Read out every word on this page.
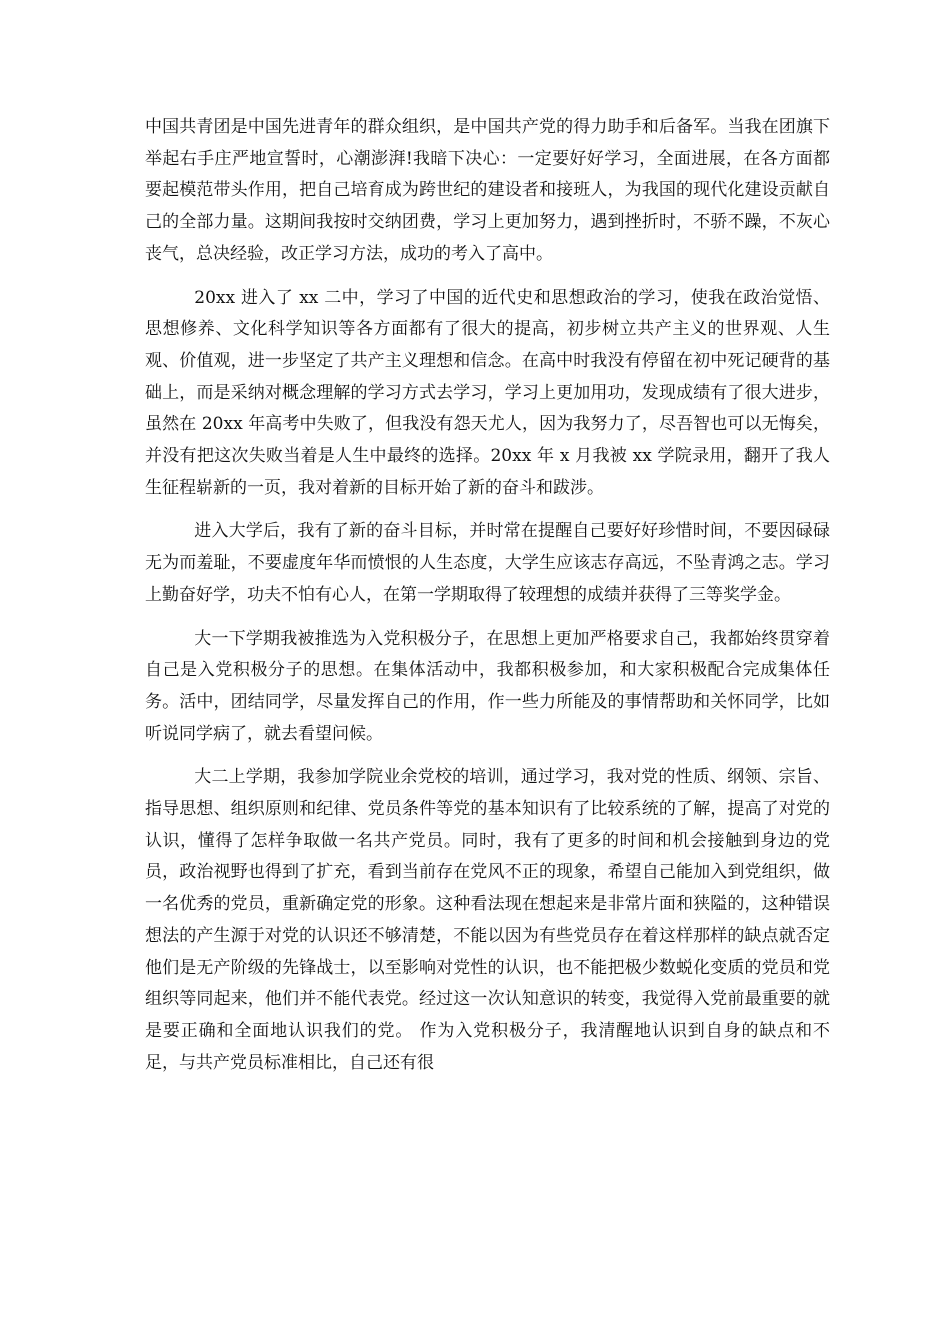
中国共青团是中国先进青年的群众组织，是中国共产党的得力助手和后备军。当我在团旗下举起右手庄严地宣誓时，心潮澎湃!我暗下决心：一定要好好学习，全面进展，在各方面都要起模范带头作用，把自己培育成为跨世纪的建设者和接班人，为我国的现代化建设贡献自己的全部力量。这期间我按时交纳团费，学习上更加努力，遇到挫折时，不骄不躁，不灰心丧气，总决经验，改正学习方法，成功的考入了高中。

20xx 进入了 xx 二中，学习了中国的近代史和思想政治的学习，使我在政治觉悟、思想修养、文化科学知识等各方面都有了很大的提高，初步树立共产主义的世界观、人生观、价值观，进一步坚定了共产主义理想和信念。在高中时我没有停留在初中死记硬背的基础上，而是采纳对概念理解的学习方式去学习，学习上更加用功，发现成绩有了很大进步，虽然在 20xx 年高考中失败了，但我没有怨天尤人，因为我努力了，尽吾智也可以无悔矣，并没有把这次失败当着是人生中最终的选择。20xx 年 x 月我被 xx 学院录用，翻开了我人生征程崭新的一页，我对着新的目标开始了新的奋斗和跋涉。

进入大学后，我有了新的奋斗目标，并时常在提醒自己要好好珍惜时间，不要因碌碌无为而羞耻，不要虚度年华而愤恨的人生态度，大学生应该志存高远，不坠青鸿之志。学习上勤奋好学，功夫不怕有心人，在第一学期取得了较理想的成绩并获得了三等奖学金。

大一下学期我被推选为入党积极分子，在思想上更加严格要求自己，我都始终贯穿着自己是入党积极分子的思想。在集体活动中，我都积极参加，和大家积极配合完成集体任务。活中，团结同学，尽量发挥自己的作用，作一些力所能及的事情帮助和关怀同学，比如听说同学病了，就去看望问候。

大二上学期，我参加学院业余党校的培训，通过学习，我对党的性质、纲领、宗旨、指导思想、组织原则和纪律、党员条件等党的基本知识有了比较系统的了解，提高了对党的认识，懂得了怎样争取做一名共产党员。同时，我有了更多的时间和机会接触到身边的党员，政治视野也得到了扩充，看到当前存在党风不正的现象，希望自己能加入到党组织，做一名优秀的党员，重新确定党的形象。这种看法现在想起来是非常片面和狭隘的，这种错误想法的产生源于对党的认识还不够清楚，不能以因为有些党员存在着这样那样的缺点就否定他们是无产阶级的先锋战士，以至影响对党性的认识，也不能把极少数蜕化变质的党员和党组织等同起来，他们并不能代表党。经过这一次认知意识的转变，我觉得入党前最重要的就是要正确和全面地认识我们的党。 作为入党积极分子，我清醒地认识到自身的缺点和不足，与共产党员标准相比，自己还有很
